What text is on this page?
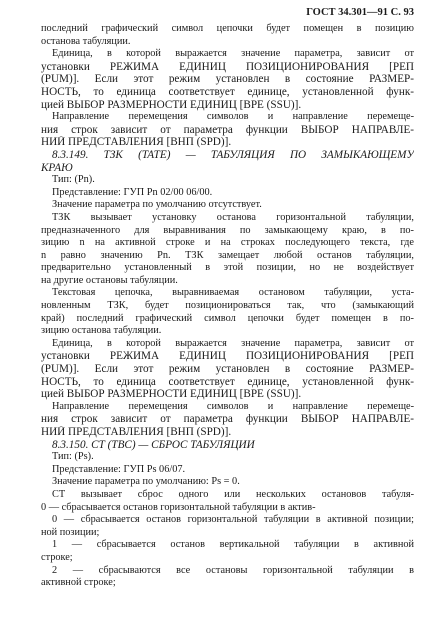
ГОСТ 34.301—91 С. 93
последний графический символ цепочки будет помещен в позицию
останова табуляции.
Единица, в которой выражается значение параметра, зависит от
установки РЕЖИМА ЕДИНИЦ ПОЗИЦИОНИРОВАНИЯ [РЕП
(PUM)]. Если этот режим установлен в состояние РАЗМЕР-
НОСТЬ, то единица соответствует единице, установленной функ-
цией ВЫБОР РАЗМЕРНОСТИ ЕДИНИЦ [ВРЕ (SSU)].
Направление перемещения символов и направление перемеще-
ния строк зависит от параметра функции ВЫБОР НАПРАВЛЕ-
НИЙ ПРЕДСТАВЛЕНИЯ [ВНП (SPD)].
8.3.149. ТЗК (TATE) — ТАБУЛЯЦИЯ ПО ЗАМЫКАЮЩЕМУ
КРАЮ
Тип: (Pn).
Представление: ГУП Pn 02/00 06/00.
Значение параметра по умолчанию отсутствует.
ТЗК вызывает установку останова горизонтальной табуляции,
предназначенного для выравнивания по замыкающему краю, в по-
зицию n на активной строке и на строках последующего текста, где
n равно значению Pn. ТЗК замещает любой останов табуляции,
предварительно установленный в этой позиции, но не воздействует
на другие остановы табуляции.
Текстовая цепочка, выравниваемая остановом табуляции, уста-
новленным ТЗК, будет позиционироваться так, что (замыкающий
край) последний графический символ цепочки будет помещен в по-
зицию останова табуляции.
Единица, в которой выражается значение параметра, зависит от
установки РЕЖИМА ЕДИНИЦ ПОЗИЦИОНИРОВАНИЯ [РЕП
(PUM)]. Если этот режим установлен в состояние РАЗМЕР-
НОСТЬ, то единица соответствует единице, установленной функ-
цией ВЫБОР РАЗМЕРНОСТИ ЕДИНИЦ [ВРЕ (SSU)].
Направление перемещения символов и направление перемеще-
ния строк зависит от параметра функции ВЫБОР НАПРАВЛЕ-
НИЙ ПРЕДСТАВЛЕНИЯ [ВНП (SPD)].
8.3.150. СТ (TBC) — СБРОС ТАБУЛЯЦИИ
Тип: (Ps).
Представление: ГУП Ps 06/07.
Значение параметра по умолчанию: Ps = 0.
СТ вызывает сброс одного или нескольких остановов табуля-
0 — сбрасывается останов горизонтальной табуляции в актив-
0 — сбрасывается останов горизонтальной табуляции в активной позиции;
ной позиции;
1 — сбрасывается останов вертикальной табуляции в активной
строке;
2 — сбрасываются все остановы горизонтальной табуляции в
активной строке;
